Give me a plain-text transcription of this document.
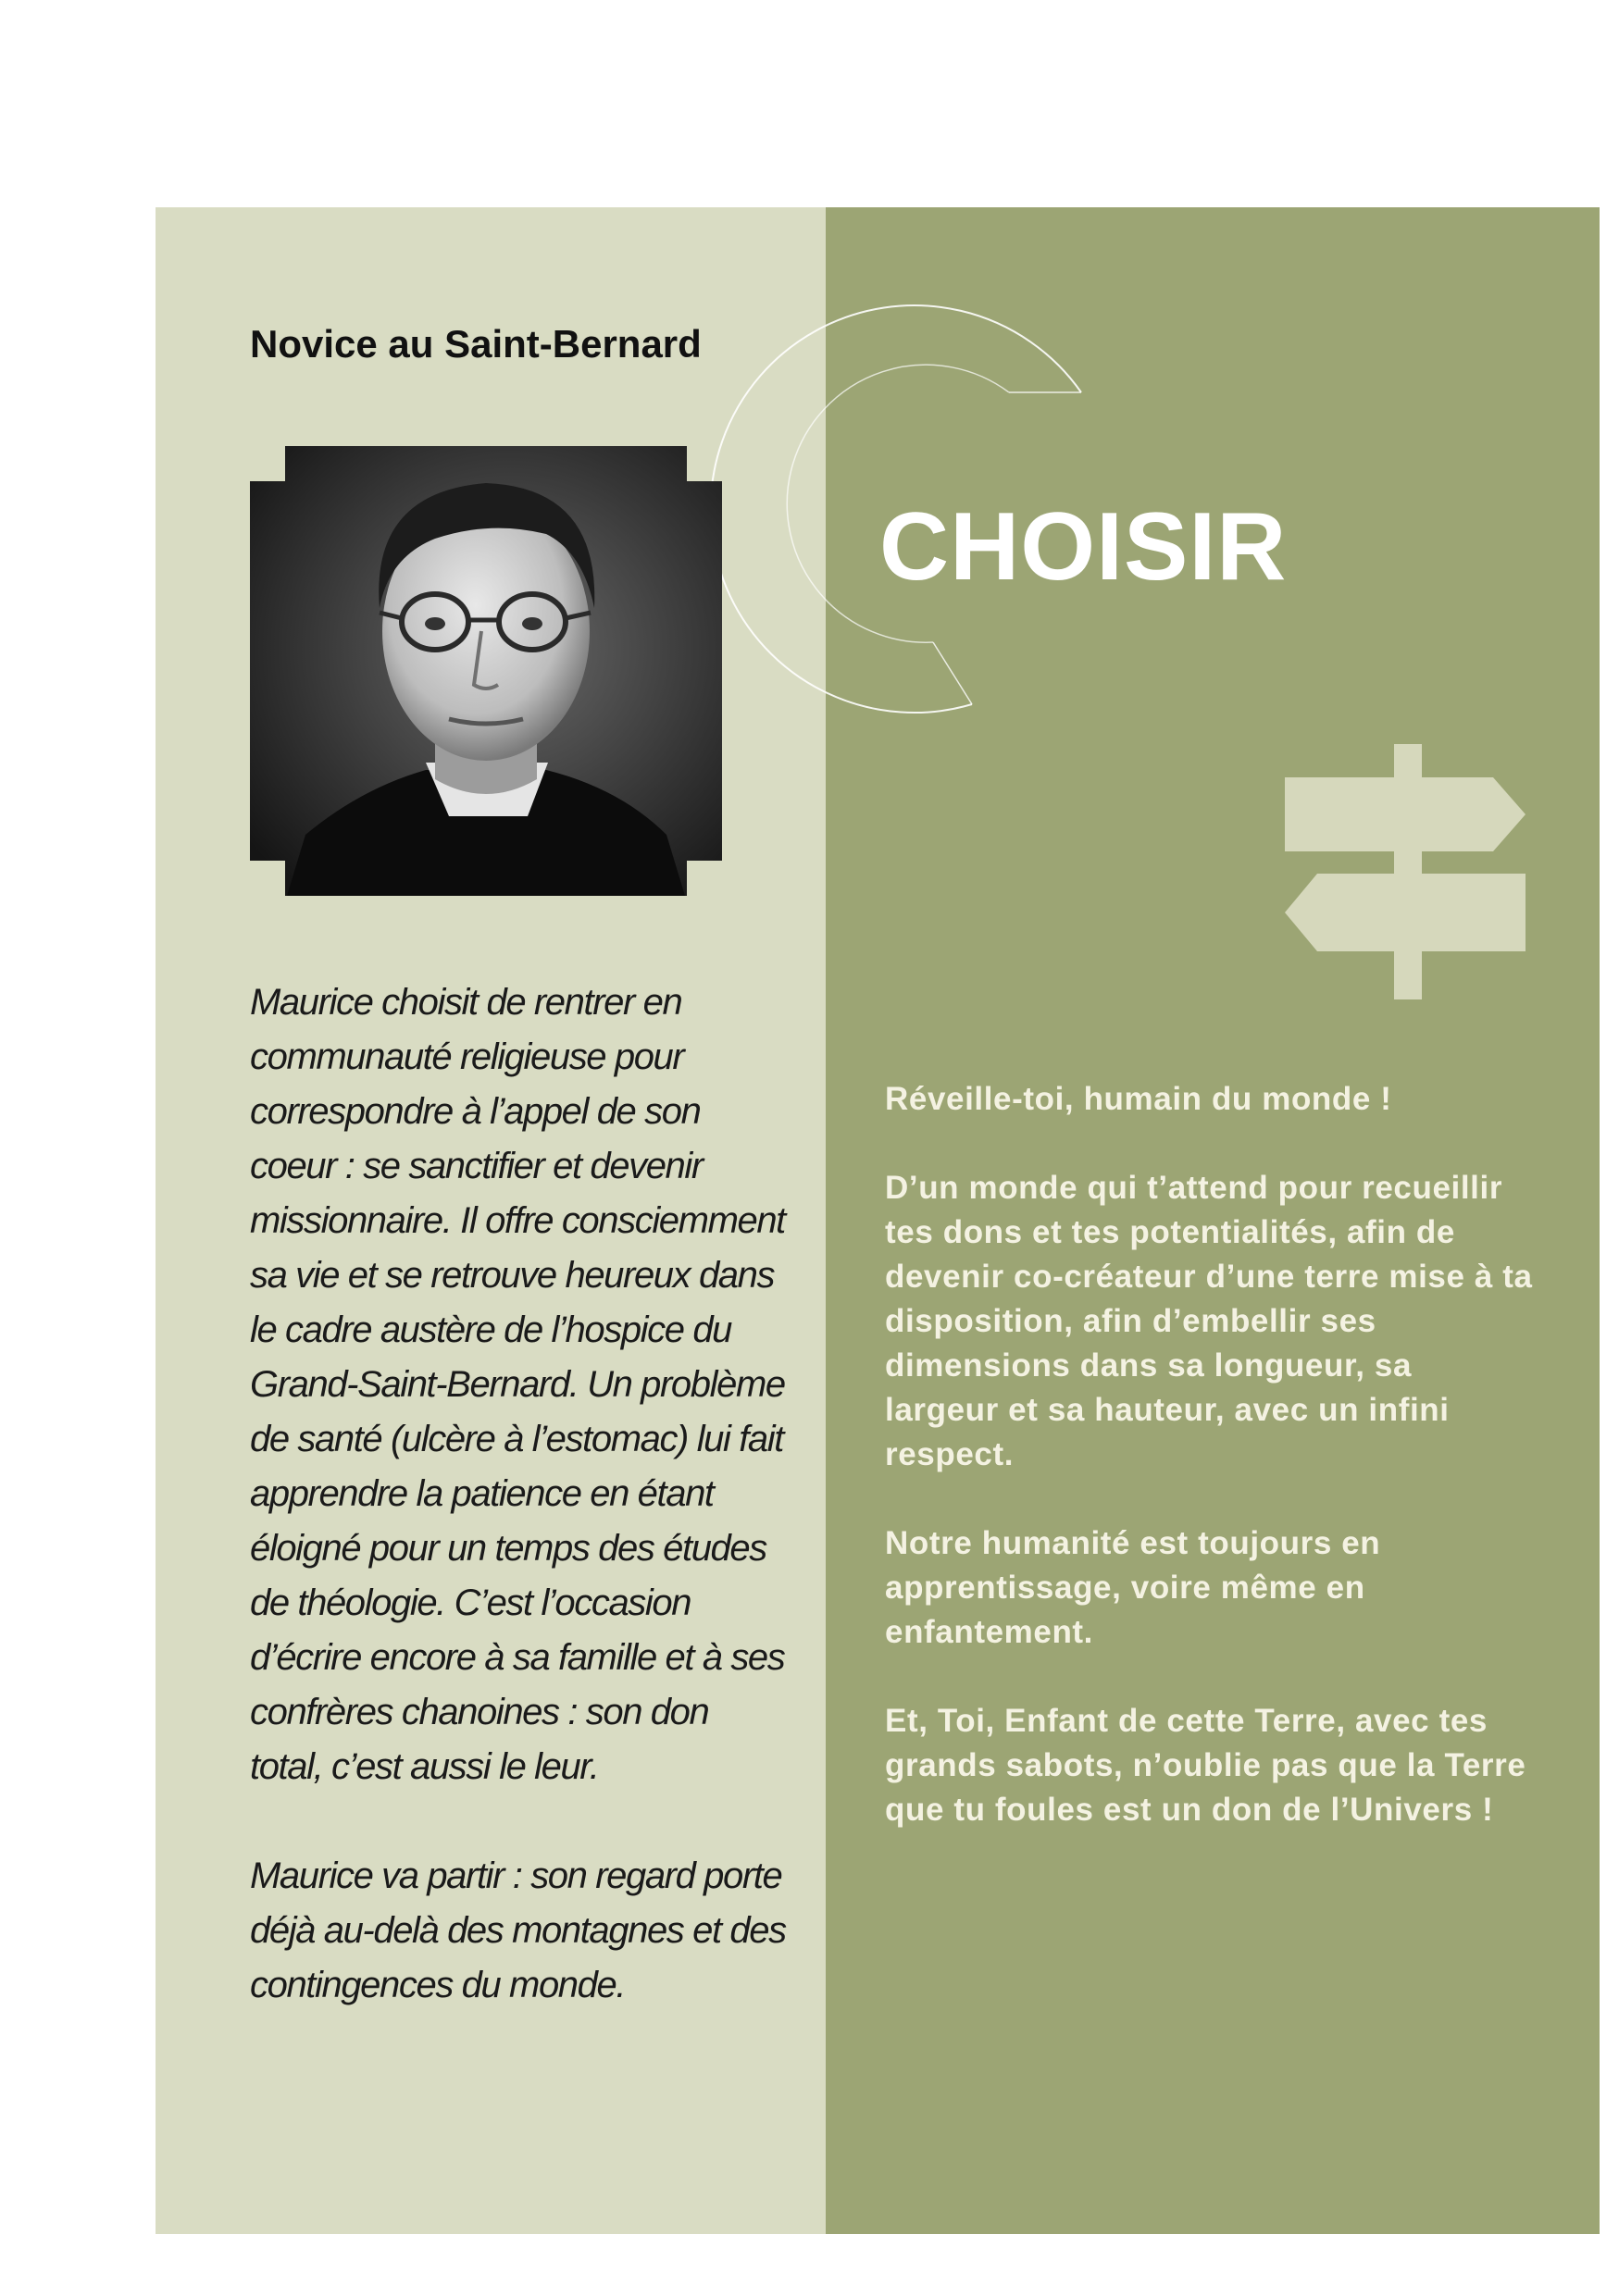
Novice au Saint-Bernard

Maurice choisit de rentrer en communauté religieuse pour correspondre à l’appel de son coeur : se sanctifier et devenir missionnaire. Il offre consciemment sa vie et se retrouve heureux dans le cadre austère de l’hospice du Grand-Saint-Bernard. Un problème de santé (ulcère à l’estomac) lui fait apprendre la patience en étant éloigné pour un temps des études de théologie. C’est l’occasion d’écrire encore à sa famille et à ses confrères chanoines : son don total, c’est aussi le leur.

Maurice va partir : son regard porte déjà au-delà des montagnes et des contingences du monde.

CHOISIR

Réveille-toi, humain du monde !

D’un monde qui t’attend pour recueillir tes dons et tes potentialités, afin de devenir co-créateur d’une terre mise à ta disposition, afin d’embellir ses dimensions dans sa longueur, sa largeur et sa hauteur, avec un infini respect.

Notre humanité est toujours en apprentissage, voire même en enfantement.

Et, Toi, Enfant de cette Terre, avec tes grands sabots, n’oublie pas que la Terre que tu foules est un don de l’Univers !
